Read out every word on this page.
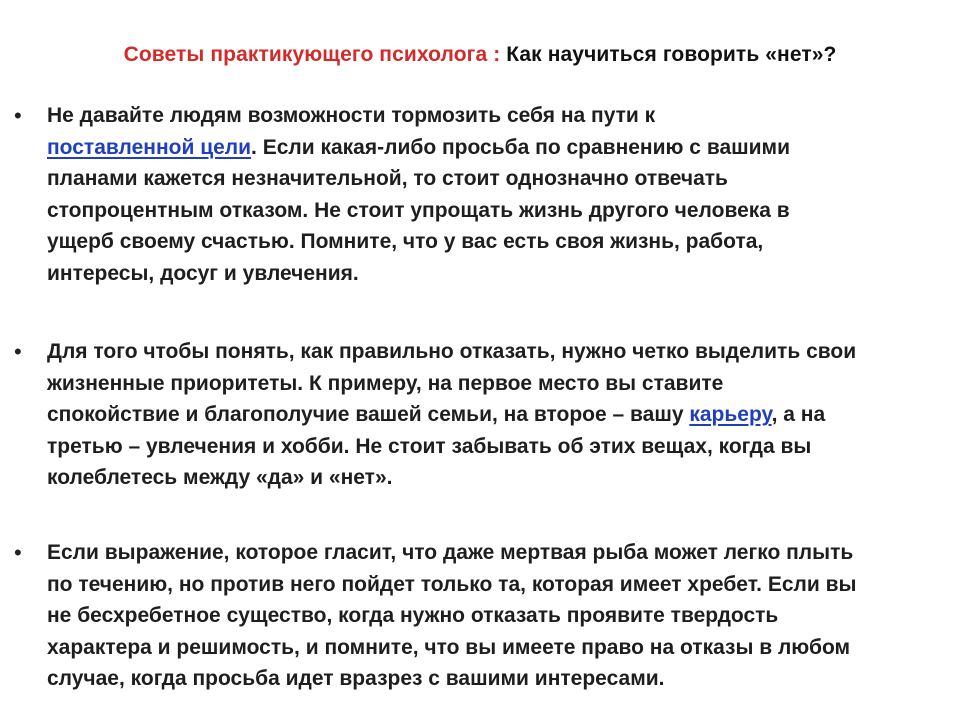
Советы практикующего психолога : Как научиться говорить «нет»?
• Не давайте людям возможности тормозить себя на пути к
поставленной цели. Если какая-либо просьба по сравнению с вашими
планами кажется незначительной, то стоит однозначно отвечать
стопроцентным отказом. Не стоит упрощать жизнь другого человека в
ущерб своему счастью. Помните, что у вас есть своя жизнь, работа,
интересы, досуг и увлечения.
• Для того чтобы понять, как правильно отказать, нужно четко выделить свои
жизненные приоритеты. К примеру, на первое место вы ставите
спокойствие и благополучие вашей семьи, на второе – вашу карьеру, а на
третью – увлечения и хобби. Не стоит забывать об этих вещах, когда вы
колеблетесь между «да» и «нет».
• Если выражение, которое гласит, что даже мертвая рыба может легко плыть
по течению, но против него пойдет только та, которая имеет хребет. Если вы
не бесхребетное существо, когда нужно отказать проявите твердость
характера и решимость, и помните, что вы имеете право на отказы в любом
случае, когда просьба идет вразрез с вашими интересами.
